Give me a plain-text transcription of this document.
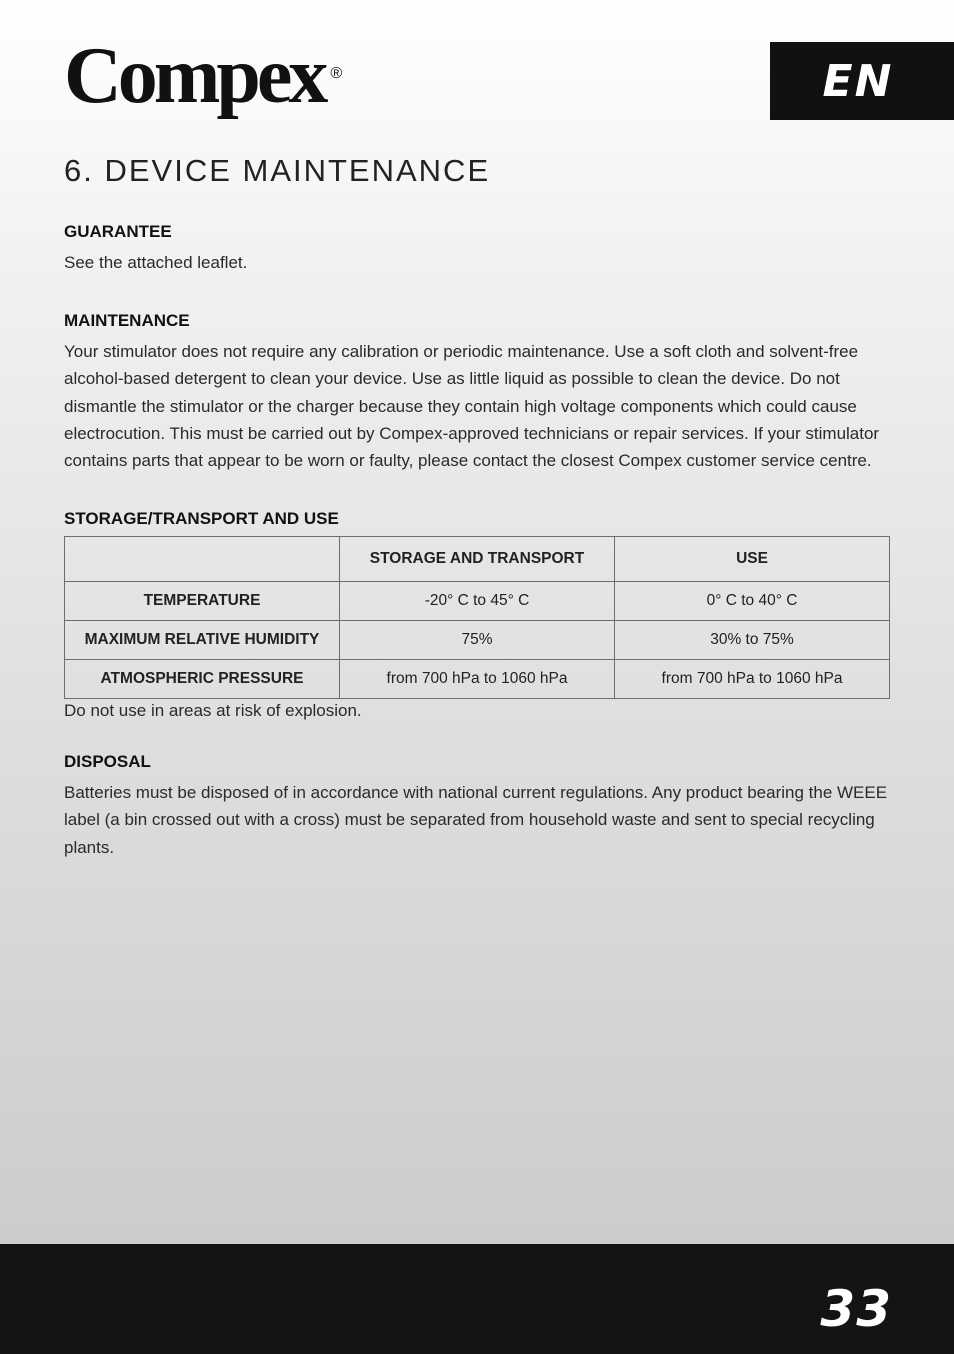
Compex ®	EN
6. DEVICE MAINTENANCE
GUARANTEE

See the attached leaflet.

MAINTENANCE

Your stimulator does not require any calibration or periodic maintenance. Use a soft cloth and solvent-free alcohol-based detergent to clean your device. Use as little liquid as possible to clean the device. Do not dismantle the stimulator or the charger because they contain high voltage components which could cause electrocution. This must be carried out by Compex-approved technicians or repair services. If your stimulator contains parts that appear to be worn or faulty, please contact the closest Compex customer service centre.

STORAGE/TRANSPORT AND USE
	STORAGE AND TRANSPORT	USE
TEMPERATURE	-20° C to 45° C	0° C to 40° C
MAXIMUM RELATIVE HUMIDITY	75%	30% to 75%
ATMOSPHERIC PRESSURE	from 700 hPa to 1060 hPa	from 700 hPa to 1060 hPa

Do not use in areas at risk of explosion.

DISPOSAL

Batteries must be disposed of in accordance with national current regulations. Any product bearing the WEEE label (a bin crossed out with a cross) must be separated from household waste and sent to special recycling plants.

33
